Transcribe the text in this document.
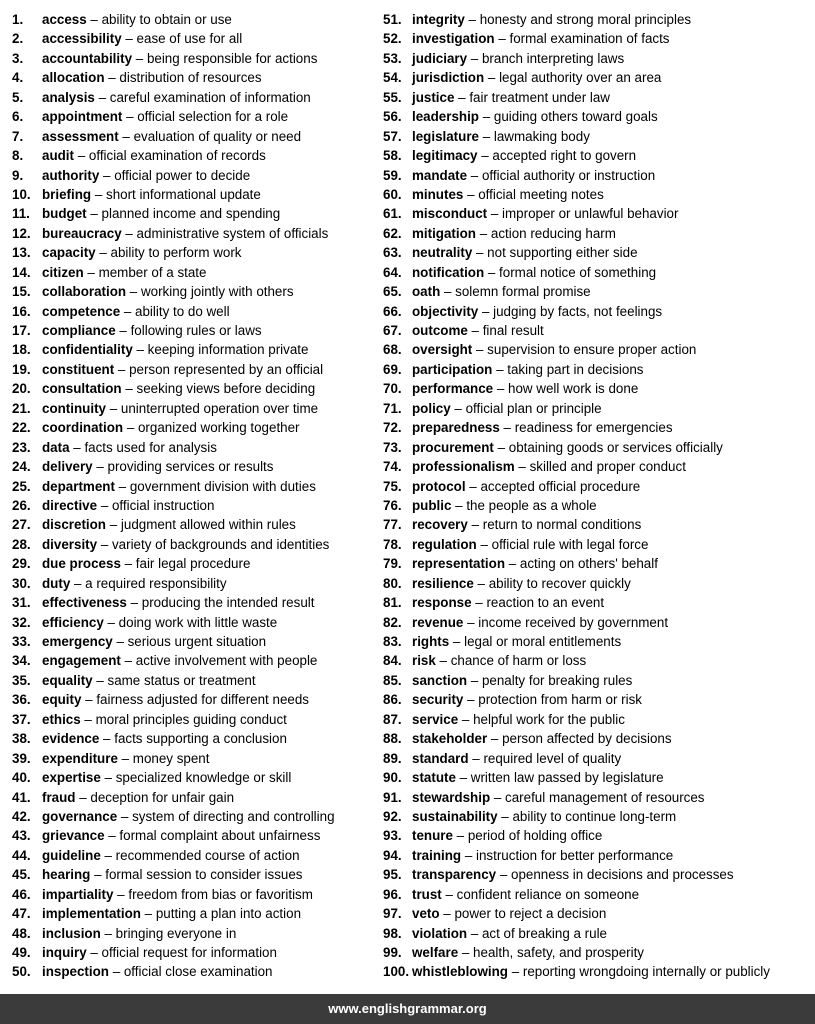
1. access – ability to obtain or use
2. accessibility – ease of use for all
3. accountability – being responsible for actions
4. allocation – distribution of resources
5. analysis – careful examination of information
6. appointment – official selection for a role
7. assessment – evaluation of quality or need
8. audit – official examination of records
9. authority – official power to decide
10. briefing – short informational update
11. budget – planned income and spending
12. bureaucracy – administrative system of officials
13. capacity – ability to perform work
14. citizen – member of a state
15. collaboration – working jointly with others
16. competence – ability to do well
17. compliance – following rules or laws
18. confidentiality – keeping information private
19. constituent – person represented by an official
20. consultation – seeking views before deciding
21. continuity – uninterrupted operation over time
22. coordination – organized working together
23. data – facts used for analysis
24. delivery – providing services or results
25. department – government division with duties
26. directive – official instruction
27. discretion – judgment allowed within rules
28. diversity – variety of backgrounds and identities
29. due process – fair legal procedure
30. duty – a required responsibility
31. effectiveness – producing the intended result
32. efficiency – doing work with little waste
33. emergency – serious urgent situation
34. engagement – active involvement with people
35. equality – same status or treatment
36. equity – fairness adjusted for different needs
37. ethics – moral principles guiding conduct
38. evidence – facts supporting a conclusion
39. expenditure – money spent
40. expertise – specialized knowledge or skill
41. fraud – deception for unfair gain
42. governance – system of directing and controlling
43. grievance – formal complaint about unfairness
44. guideline – recommended course of action
45. hearing – formal session to consider issues
46. impartiality – freedom from bias or favoritism
47. implementation – putting a plan into action
48. inclusion – bringing everyone in
49. inquiry – official request for information
50. inspection – official close examination
51. integrity – honesty and strong moral principles
52. investigation – formal examination of facts
53. judiciary – branch interpreting laws
54. jurisdiction – legal authority over an area
55. justice – fair treatment under law
56. leadership – guiding others toward goals
57. legislature – lawmaking body
58. legitimacy – accepted right to govern
59. mandate – official authority or instruction
60. minutes – official meeting notes
61. misconduct – improper or unlawful behavior
62. mitigation – action reducing harm
63. neutrality – not supporting either side
64. notification – formal notice of something
65. oath – solemn formal promise
66. objectivity – judging by facts, not feelings
67. outcome – final result
68. oversight – supervision to ensure proper action
69. participation – taking part in decisions
70. performance – how well work is done
71. policy – official plan or principle
72. preparedness – readiness for emergencies
73. procurement – obtaining goods or services officially
74. professionalism – skilled and proper conduct
75. protocol – accepted official procedure
76. public – the people as a whole
77. recovery – return to normal conditions
78. regulation – official rule with legal force
79. representation – acting on others' behalf
80. resilience – ability to recover quickly
81. response – reaction to an event
82. revenue – income received by government
83. rights – legal or moral entitlements
84. risk – chance of harm or loss
85. sanction – penalty for breaking rules
86. security – protection from harm or risk
87. service – helpful work for the public
88. stakeholder – person affected by decisions
89. standard – required level of quality
90. statute – written law passed by legislature
91. stewardship – careful management of resources
92. sustainability – ability to continue long-term
93. tenure – period of holding office
94. training – instruction for better performance
95. transparency – openness in decisions and processes
96. trust – confident reliance on someone
97. veto – power to reject a decision
98. violation – act of breaking a rule
99. welfare – health, safety, and prosperity
100. whistleblowing – reporting wrongdoing internally or publicly
www.englishgrammar.org
